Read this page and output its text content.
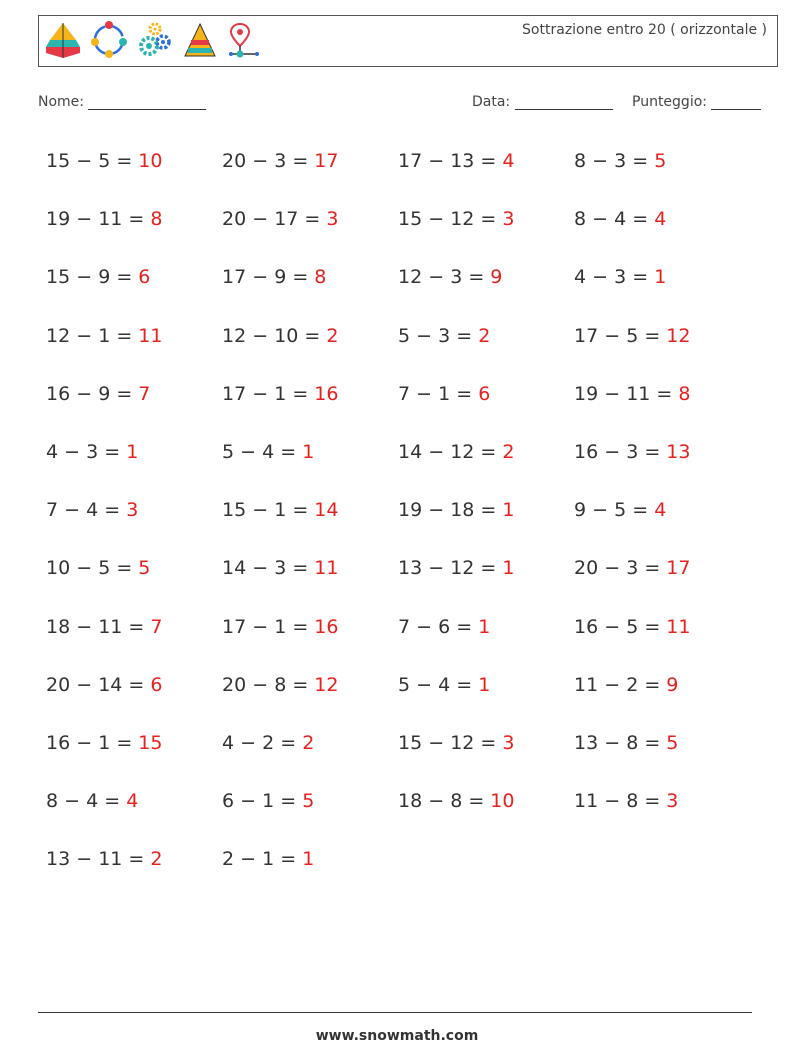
Sottrazione entro 20 ( orizzontale )
Nome:	Data:	Punteggio:
15 − 5 = 10	20 − 3 = 17	17 − 13 = 4	8 − 3 = 5
19 − 11 = 8	20 − 17 = 3	15 − 12 = 3	8 − 4 = 4
15 − 9 = 6	17 − 9 = 8	12 − 3 = 9	4 − 3 = 1
12 − 1 = 11	12 − 10 = 2	5 − 3 = 2	17 − 5 = 12
16 − 9 = 7	17 − 1 = 16	7 − 1 = 6	19 − 11 = 8
4 − 3 = 1	5 − 4 = 1	14 − 12 = 2	16 − 3 = 13
7 − 4 = 3	15 − 1 = 14	19 − 18 = 1	9 − 5 = 4
10 − 5 = 5	14 − 3 = 11	13 − 12 = 1	20 − 3 = 17
18 − 11 = 7	17 − 1 = 16	7 − 6 = 1	16 − 5 = 11
20 − 14 = 6	20 − 8 = 12	5 − 4 = 1	11 − 2 = 9
16 − 1 = 15	4 − 2 = 2	15 − 12 = 3	13 − 8 = 5
8 − 4 = 4	6 − 1 = 5	18 − 8 = 10	11 − 8 = 3
13 − 11 = 2	2 − 1 = 1
www.snowmath.com
